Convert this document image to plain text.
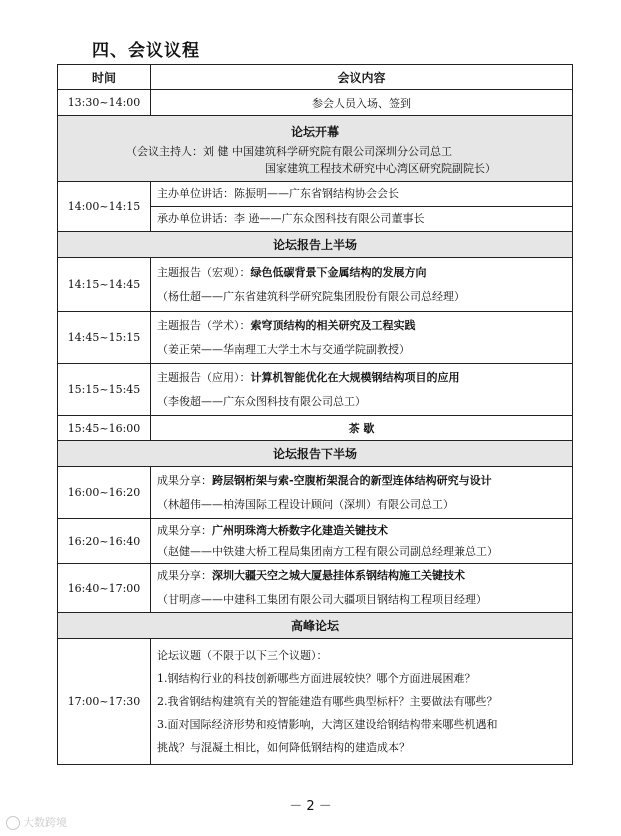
四、会议议程
时间	会议内容
13:30~14:00	参会人员入场、签到

论坛开幕
（会议主持人：刘 健 中国建筑科学研究院有限公司深圳分公司总工
国家建筑工程技术研究中心湾区研究院副院长）	

14:00~14:15	主办单位讲话：陈振明——广东省钢结构协会会长
承办单位讲话：李 逊——广东众图科技有限公司董事长

论坛报告上半场	
14:15~14:45	主题报告（宏观）：绿色低碳背景下金属结构的发展方向
（杨仕超——广东省建筑科学研究院集团股份有限公司总经理）

14:45~15:15	主题报告（学术）：索穹顶结构的相关研究及工程实践
（姜正荣——华南理工大学土木与交通学院副教授）

15:15~15:45	主题报告（应用）：计算机智能优化在大规模钢结构项目的应用
（李俊超——广东众图科技有限公司总工）

15:45~16:00	茶 歇
论坛报告下半场	
16:00~16:20	成果分享：跨层钢桁架与索-空腹桁架混合的新型连体结构研究与设计
（林超伟——柏涛国际工程设计顾问（深圳）有限公司总工）

16:20~16:40	成果分享：广州明珠湾大桥数字化建造关键技术
（赵健——中铁建大桥工程局集团南方工程有限公司副总经理兼总工）

16:40~17:00	成果分享：深圳大疆天空之城大厦悬挂体系钢结构施工关键技术
（甘明彦——中建科工集团有限公司大疆项目钢结构工程项目经理）

高峰论坛	
17:00~17:30	论坛议题（不限于以下三个议题）：
1.钢结构行业的科技创新哪些方面进展较快？哪个方面进展困难？
2.我省钢结构建筑有关的智能建造有哪些典型标杆？主要做法有哪些？
3.面对国际经济形势和疫情影响，大湾区建设给钢结构带来哪些机遇和
挑战？与混凝土相比，如何降低钢结构的建造成本？
－ 2 －
大数跨境
